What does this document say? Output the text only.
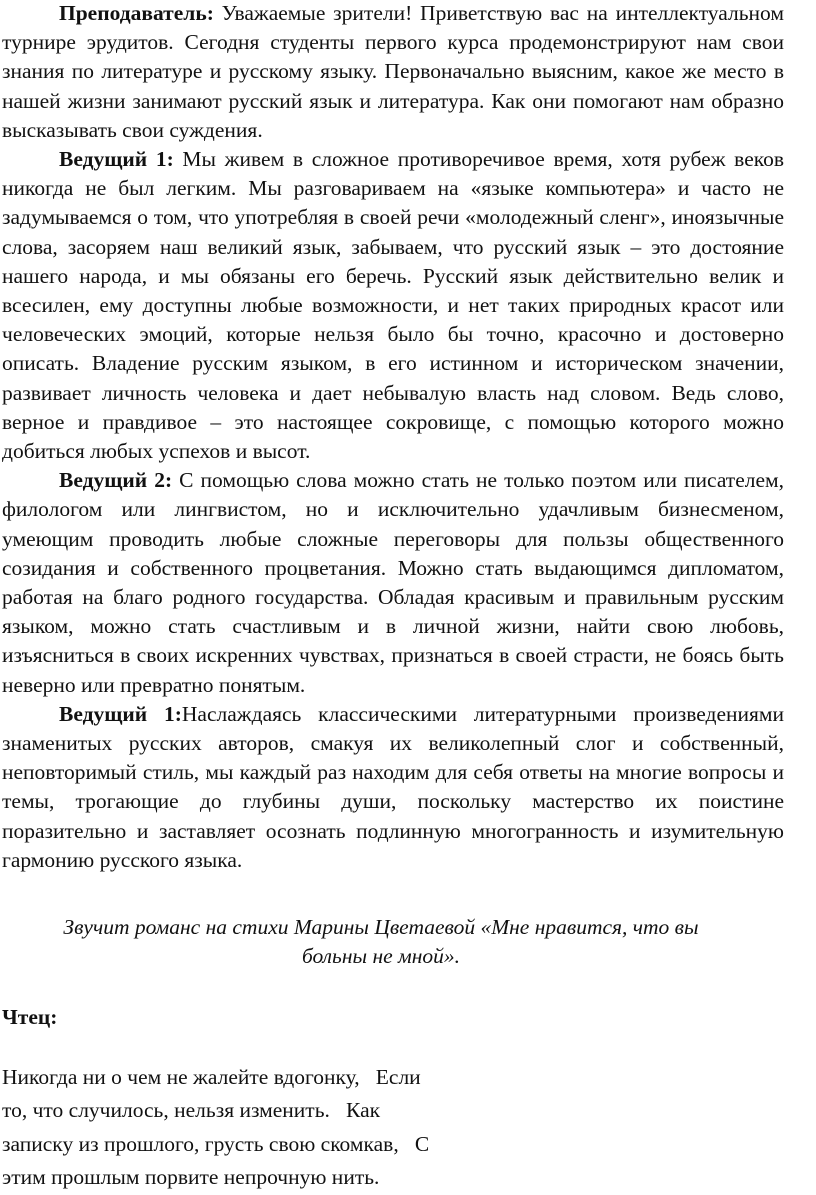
Преподаватель: Уважаемые зрители! Приветствую вас на интеллектуальном турнире эрудитов. Сегодня студенты первого курса продемонстрируют нам свои знания по литературе и русскому языку. Первоначально выясним, какое же место в нашей жизни занимают русский язык и литература. Как они помогают нам образно высказывать свои суждения.

Ведущий 1: Мы живем в сложное противоречивое время, хотя рубеж веков никогда не был легким. Мы разговариваем на «языке компьютера» и часто не задумываемся о том, что употребляя в своей речи «молодежный сленг», иноязычные слова, засоряем наш великий язык, забываем, что русский язык – это достояние нашего народа, и мы обязаны его беречь. Русский язык действительно велик и всесилен, ему доступны любые возможности, и нет таких природных красот или человеческих эмоций, которые нельзя было бы точно, красочно и достоверно описать. Владение русским языком, в его истинном и историческом значении, развивает личность человека и дает небывалую власть над словом. Ведь слово, верное и правдивое – это настоящее сокровище, с помощью которого можно добиться любых успехов и высот.

Ведущий 2: С помощью слова можно стать не только поэтом или писателем, филологом или лингвистом, но и исключительно удачливым бизнесменом, умеющим проводить любые сложные переговоры для пользы общественного созидания и собственного процветания. Можно стать выдающимся дипломатом, работая на благо родного государства. Обладая красивым и правильным русским языком, можно стать счастливым и в личной жизни, найти свою любовь, изъясниться в своих искренних чувствах, признаться в своей страсти, не боясь быть неверно или превратно понятым.

Ведущий 1:Наслаждаясь классическими литературными произведениями знаменитых русских авторов, смакуя их великолепный слог и собственный, неповторимый стиль, мы каждый раз находим для себя ответы на многие вопросы и темы, трогающие до глубины души, поскольку мастерство их поистине поразительно и заставляет осознать подлинную многогранность и изумительную гармонию русского языка.

Звучит романс на стихи Марины Цветаевой «Мне нравится, что вы больны не мной».

Чтец:

Никогда ни о чем не жалейте вдогонку,   Если
то, что случилось, нельзя изменить.   Как
записку из прошлого, грусть свою скомкав,   С
этим прошлым порвите непрочную нить.
